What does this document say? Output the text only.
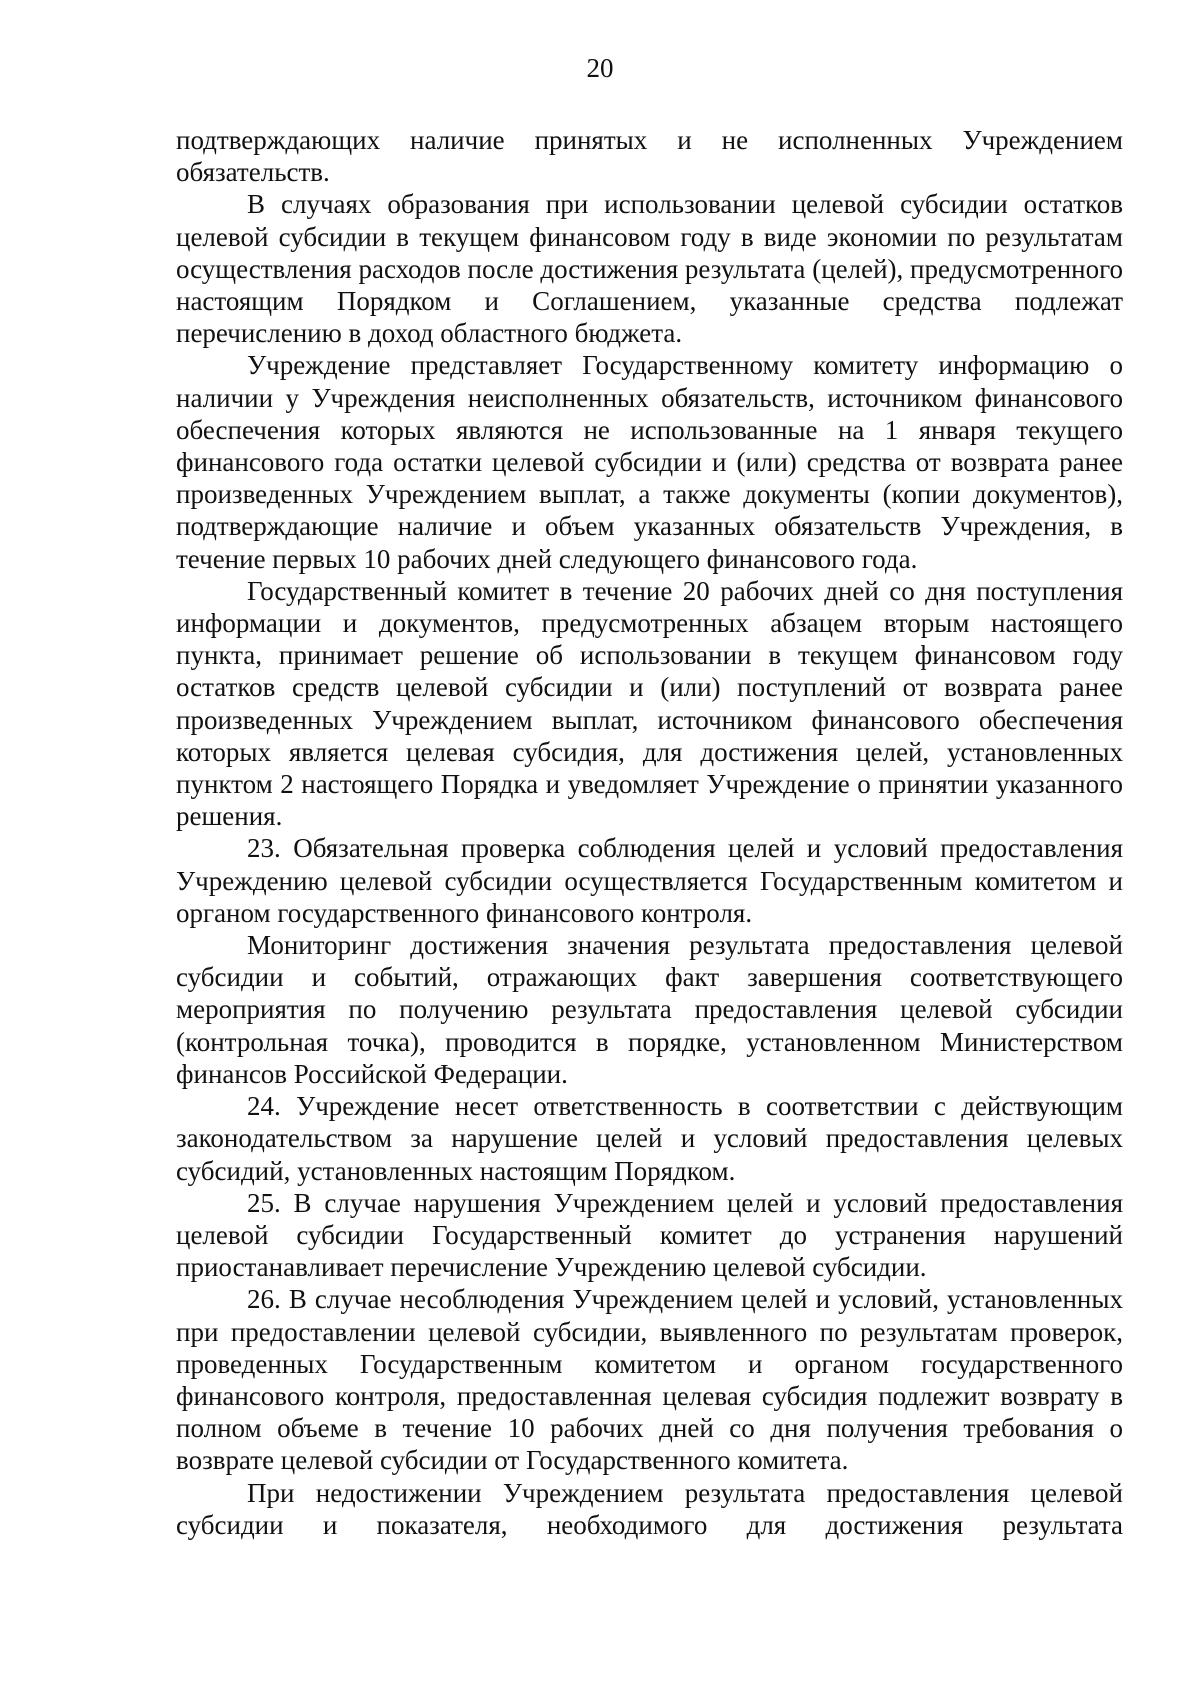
20

подтверждающих наличие принятых и не исполненных Учреждением обязательств.

В случаях образования при использовании целевой субсидии остатков целевой субсидии в текущем финансовом году в виде экономии по результатам осуществления расходов после достижения результата (целей), предусмотренного настоящим Порядком и Соглашением, указанные средства подлежат перечислению в доход областного бюджета.

Учреждение представляет Государственному комитету информацию о наличии у Учреждения неисполненных обязательств, источником финансового обеспечения которых являются не использованные на 1 января текущего финансового года остатки целевой субсидии и (или) средства от возврата ранее произведенных Учреждением выплат, а также документы (копии документов), подтверждающие наличие и объем указанных обязательств Учреждения, в течение первых 10 рабочих дней следующего финансового года.

Государственный комитет в течение 20 рабочих дней со дня поступления информации и документов, предусмотренных абзацем вторым настоящего пункта, принимает решение об использовании в текущем финансовом году остатков средств целевой субсидии и (или) поступлений от возврата ранее произведенных Учреждением выплат, источником финансового обеспечения которых является целевая субсидия, для достижения целей, установленных пунктом 2 настоящего Порядка и уведомляет Учреждение о принятии указанного решения.

23. Обязательная проверка соблюдения целей и условий предоставления Учреждению целевой субсидии осуществляется Государственным комитетом и органом государственного финансового контроля.

Мониторинг достижения значения результата предоставления целевой субсидии и событий, отражающих факт завершения соответствующего мероприятия по получению результата предоставления целевой субсидии (контрольная точка), проводится в порядке, установленном Министерством финансов Российской Федерации.

24. Учреждение несет ответственность в соответствии с действующим законодательством за нарушение целей и условий предоставления целевых субсидий, установленных настоящим Порядком.

25. В случае нарушения Учреждением целей и условий предоставления целевой субсидии Государственный комитет до устранения нарушений приостанавливает перечисление Учреждению целевой субсидии.

26. В случае несоблюдения Учреждением целей и условий, установленных при предоставлении целевой субсидии, выявленного по результатам проверок, проведенных Государственным комитетом и органом государственного финансового контроля, предоставленная целевая субсидия подлежит возврату в полном объеме в течение 10 рабочих дней со дня получения требования о возврате целевой субсидии от Государственного комитета.

При недостижении Учреждением результата предоставления целевой субсидии и показателя, необходимого для достижения результата
